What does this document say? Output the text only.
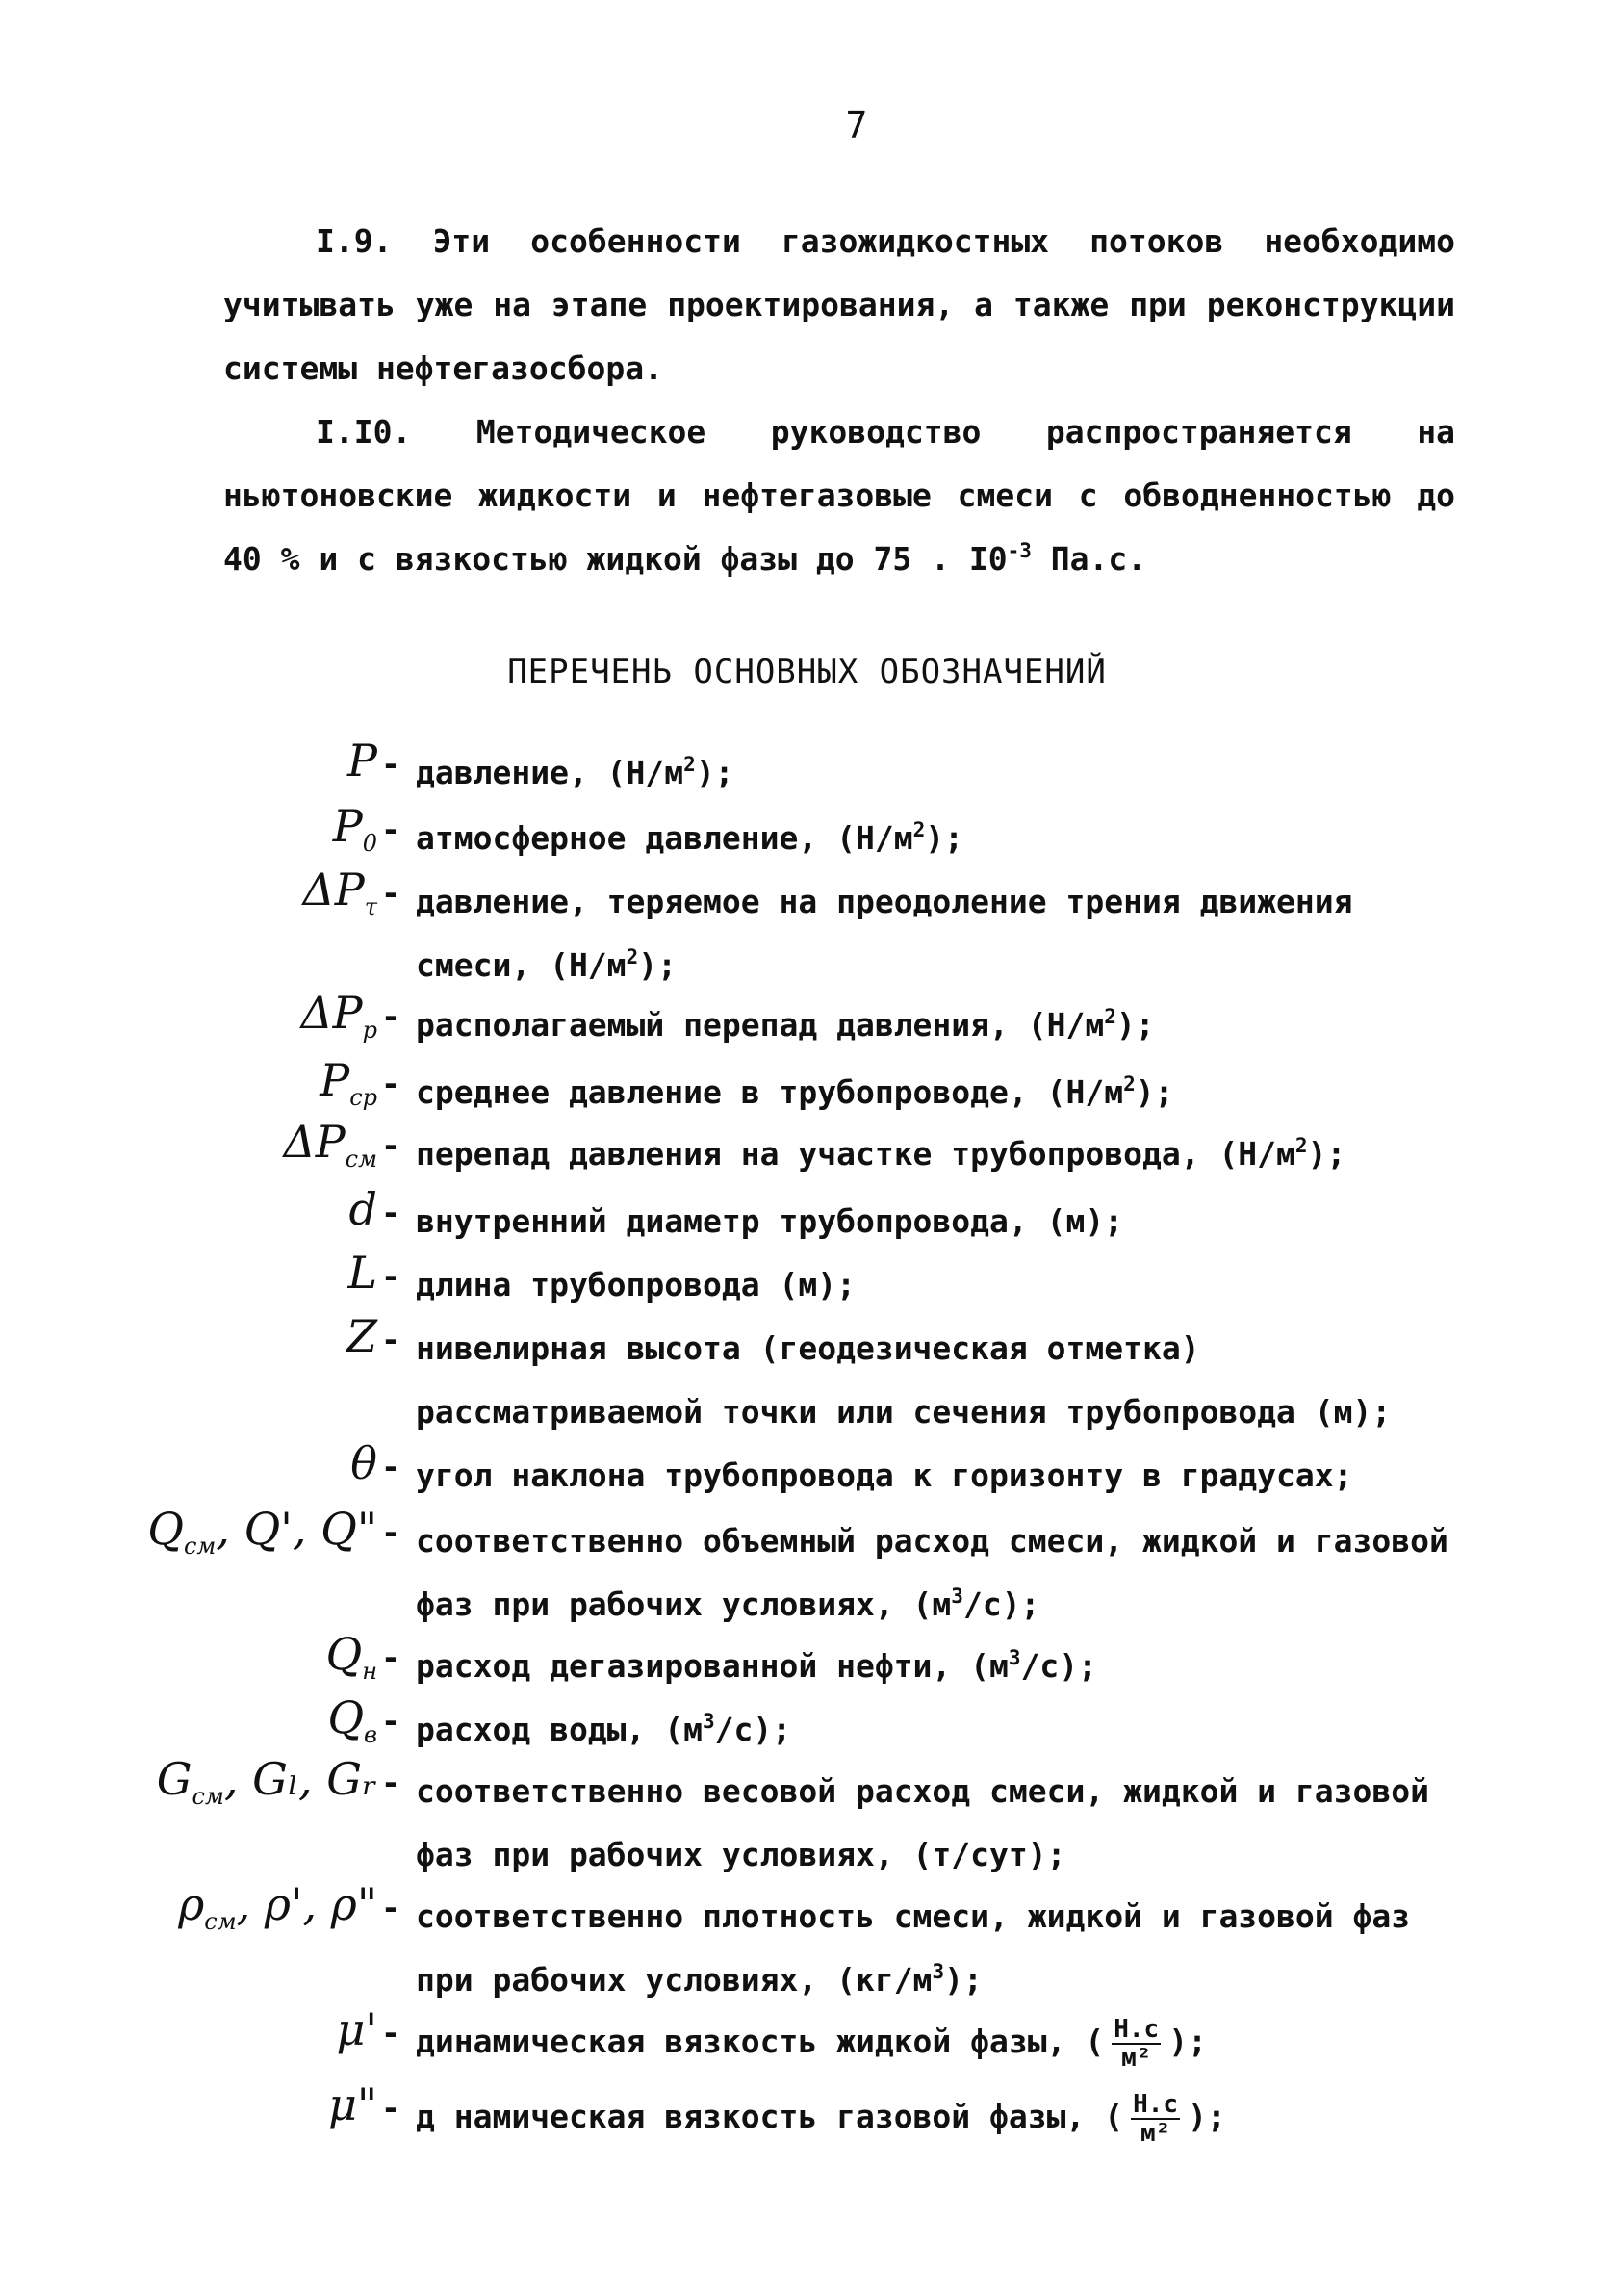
7
I.9. Эти особенности газожидкостных потоков необходимо учитывать уже на этапе проектирования, а также при реконструкции системы нефтегазосбора.
I.I0. Методическое руководство распространяется на ньютоновские жидкости и нефтегазовые смеси с обводненностью до 40 % и с вязкостью жидкой фазы до 75 . $I0^{-3}$ Па.с.
ПЕРЕЧЕНЬ ОСНОВНЫХ ОБОЗНАЧЕНИЙ
P - давление, $(Н/м^2)$;
$P_0$ - атмосферное давление, $(Н/м^2)$;
$\Delta P_\tau$ - давление, теряемое на преодоление трения движения смеси, $(Н/м^2)$;
$\Delta P_р$ - располагаемый перепад давления, $(Н/м^2)$;
$P_{ср}$ - среднее давление в трубопроводе, $(Н/м^2)$;
$\Delta P_{см}$ - перепад давления на участке трубопровода, $(Н/м^2)$;
d - внутренний диаметр трубопровода, (м);
L - длина трубопровода (м);
Z - нивелирная высота (геодезическая отметка) рассматриваемой точки или сечения трубопровода (м);
θ - угол наклона трубопровода к горизонту в градусах;
$Q_{см}$, Q', Q" - соответственно объемный расход смеси, жидкой и газовой фаз при рабочих условиях, $(м^3/с)$;
$Q_н$ - расход дегазированной нефти, $(м^3/с)$;
$Q_в$ - расход воды, $(м^3/с)$;
$G_{см}$, Gₗ, Gᵣ - соответственно весовой расход смеси, жидкой и газовой фаз при рабочих условиях, (т/сут);
$\rho_{см}$, ρ', ρ" - соответственно плотность смеси, жидкой и газовой фаз при рабочих условиях, $(кг/м^3)$;
μ' - динамическая вязкость жидкой фазы, ( $\frac{Н.с}{\text{м²}}$ );
μ" - д намическая вязкость газовой фазы, ( $\frac{Н.с}{\text{м²}}$ );
